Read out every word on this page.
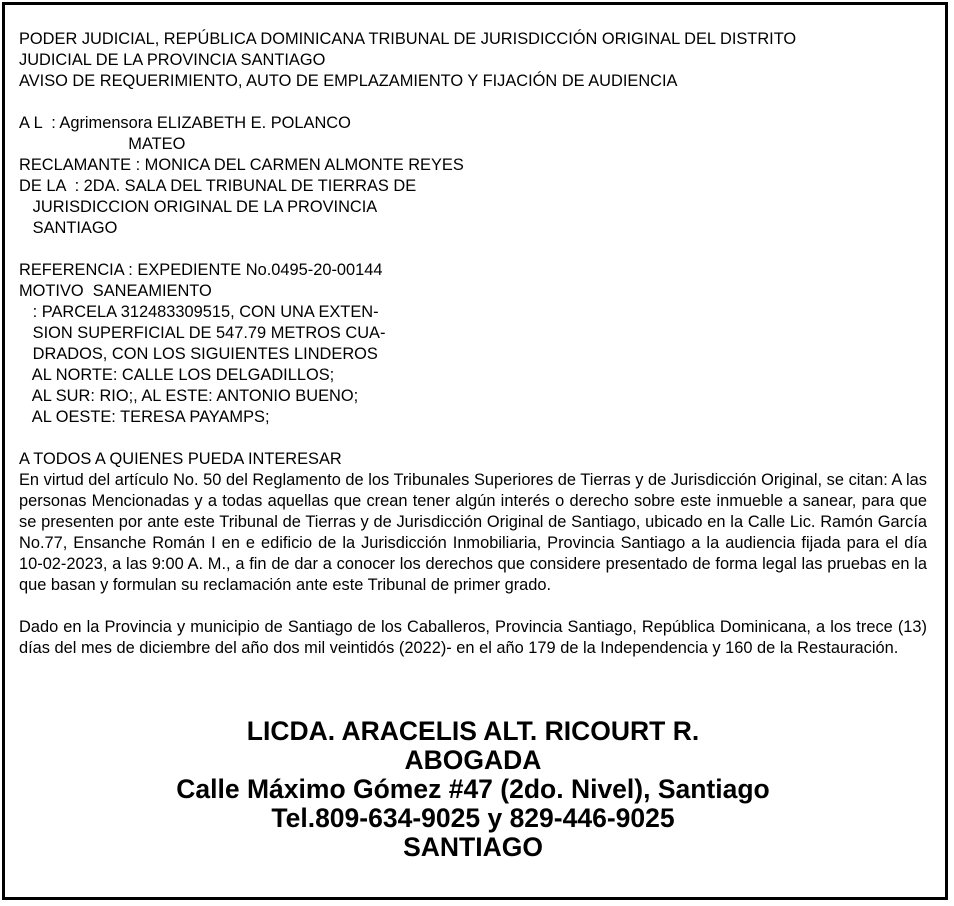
PODER JUDICIAL, REPÚBLICA DOMINICANA TRIBUNAL DE JURISDICCIÓN ORIGINAL DEL DISTRITO
JUDICIAL DE LA PROVINCIA SANTIAGO
AVISO DE REQUERIMIENTO, AUTO DE EMPLAZAMIENTO Y FIJACIÓN DE AUDIENCIA
A L  : Agrimensora ELIZABETH E. POLANCO
MATEO
RECLAMANTE : MONICA DEL CARMEN ALMONTE REYES
DE LA  : 2DA. SALA DEL TRIBUNAL DE TIERRAS DE
JURISDICCION ORIGINAL DE LA PROVINCIA
SANTIAGO
REFERENCIA : EXPEDIENTE No.0495-20-00144
MOTIVO  SANEAMIENTO
: PARCELA 312483309515, CON UNA EXTEN-
SION SUPERFICIAL DE 547.79 METROS CUA-
DRADOS, CON LOS SIGUIENTES LINDEROS
AL NORTE: CALLE LOS DELGADILLOS;
AL SUR: RIO;, AL ESTE: ANTONIO BUENO;
AL OESTE: TERESA PAYAMPS;
A TODOS A QUIENES PUEDA INTERESAR
En virtud del artículo No. 50 del Reglamento de los Tribunales Superiores de Tierras y de Jurisdicción Original, se citan: A las personas Mencionadas y a todas aquellas que crean tener algún interés o derecho sobre este inmueble a sanear, para que se presenten por ante este Tribunal de Tierras y de Jurisdicción Original de Santiago, ubicado en la Calle Lic. Ramón García No.77, Ensanche Román I en e edificio de la Jurisdicción Inmobiliaria, Provincia Santiago a la audiencia fijada para el día 10-02-2023, a las 9:00 A. M., a fin de dar a conocer los derechos que considere presentado de forma legal las pruebas en la que basan y formulan su reclamación ante este Tribunal de primer grado.
Dado en la Provincia y municipio de Santiago de los Caballeros, Provincia Santiago, República Dominicana, a los trece (13) días del mes de diciembre del año dos mil veintidós (2022)- en el año 179 de la Independencia y 160 de la Restauración.
LICDA. ARACELIS ALT. RICOURT R.
ABOGADA
Calle Máximo Gómez #47 (2do. Nivel), Santiago
Tel.809-634-9025 y 829-446-9025
SANTIAGO
